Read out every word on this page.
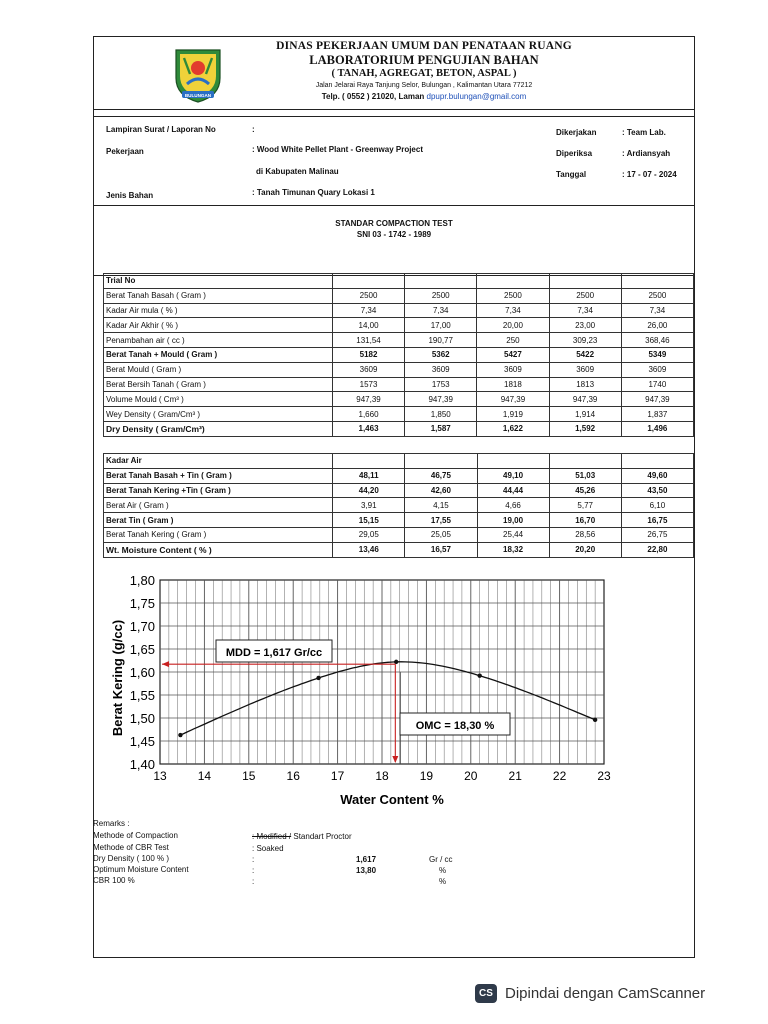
BULUNGAN
DINAS PEKERJAAN UMUM DAN PENATAAN RUANG
LABORATORIUM PENGUJIAN BAHAN
( TANAH, AGREGAT, BETON, ASPAL )
Jalan Jelarai Raya Tanjung Selor, Bulungan , Kalimantan Utara 77212
Telp. ( 0552 ) 21020, Laman dpupr.bulungan@gmail.com
Lampiran Surat / Laporan No	:
Pekerjaan	: Wood White Pellet Plant - Greenway Project
di Kabupaten Malinau
Jenis Bahan	: Tanah Timunan Quary Lokasi 1
Dikerjakan	: Team Lab.
Diperiksa	: Ardiansyah
Tanggal	: 17 - 07 - 2024
STANDAR COMPACTION TEST
SNI 03 - 1742 - 1989
Trial No					
Berat Tanah Basah ( Gram )	2500	2500	2500	2500	2500
Kadar Air mula ( % )	7,34	7,34	7,34	7,34	7,34
Kadar Air Akhir ( % )	14,00	17,00	20,00	23,00	26,00
Penambahan air ( cc )	131,54	190,77	250	309,23	368,46
Berat Tanah + Mould ( Gram )	5182	5362	5427	5422	5349
Berat Mould ( Gram )	3609	3609	3609	3609	3609
Berat Bersih Tanah ( Gram )	1573	1753	1818	1813	1740
Volume Mould ( Cm³ )	947,39	947,39	947,39	947,39	947,39
Wey Density ( Gram/Cm³ )	1,660	1,850	1,919	1,914	1,837
Dry Density ( Gram/Cm³)	1,463	1,587	1,622	1,592	1,496
Kadar Air					
Berat Tanah Basah + Tin ( Gram )	48,11	46,75	49,10	51,03	49,60
Berat Tanah Kering +Tin ( Gram )	44,20	42,60	44,44	45,26	43,50
Berat Air ( Gram )	3,91	4,15	4,66	5,77	6,10
Berat Tin ( Gram )	15,15	17,55	19,00	16,70	16,75
Berat Tanah Kering ( Gram )	29,05	25,05	25,44	28,56	26,75
Wt. Moisture Content ( % )	13,46	16,57	18,32	20,20	22,80
13	14	15	16	17	18	19	20	21	22	23
1,40
1,45
1,50
1,55
1,60
1,65
1,70
1,75
1,80
Water Content %
Berat Kering (g/cc)	MDD = 1,617 Gr/cc
OMC = 18,30 %
Remarks :
Methode of Compaction	: Modified / Standart Proctor
Methode of CBR Test	: Soaked
Dry Density ( 100 % )	:	1,617	Gr / cc
Optimum Moisture Content	:	13,80	%
CBR 100 %	:	%
CS Dipindai dengan CamScanner
